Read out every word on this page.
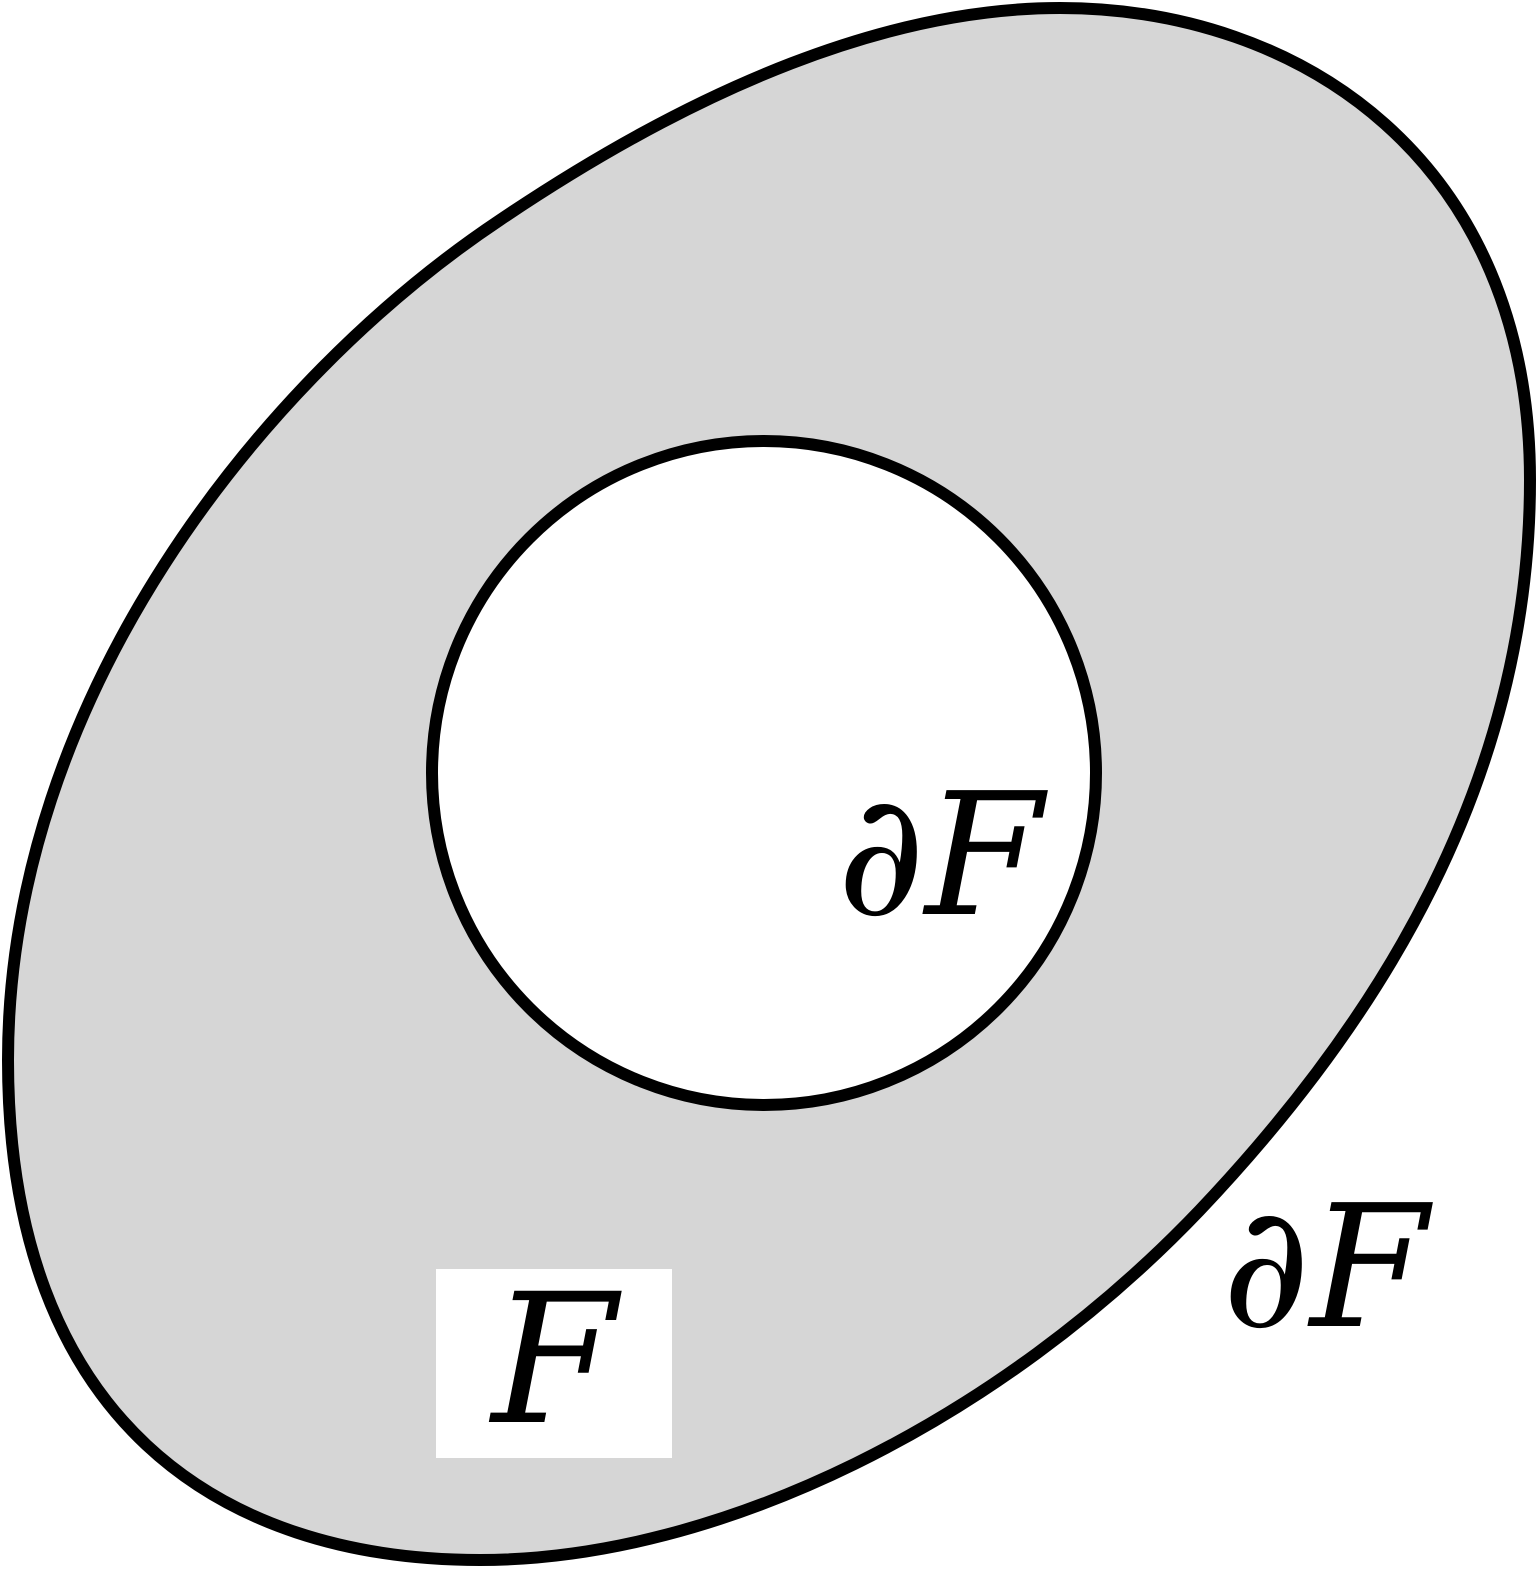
F
∂F
∂F
